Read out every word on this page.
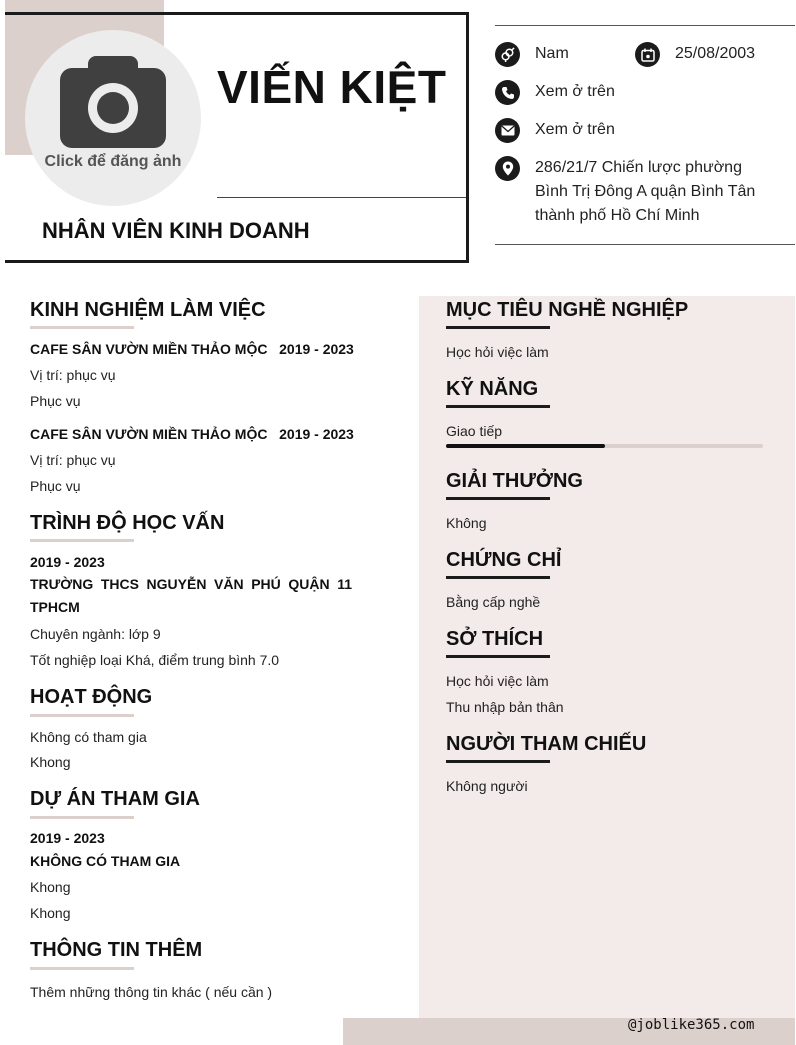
Click để đăng ảnh
VIẾN KIỆT
NHÂN VIÊN KINH DOANH
Nam	25/08/2003
Xem ở trên
Xem ở trên
286/21/7 Chiến lược phường
Bình Trị Đông A quận Bình Tân
thành phố Hồ Chí Minh
KINH NGHIỆM LÀM VIỆC
CAFE SÂN VƯỜN MIỀN THẢO MỘC   2019 - 2023
Vị trí: phục vụ
Phục vụ
CAFE SÂN VƯỜN MIỀN THẢO MỘC   2019 - 2023
Vị trí: phục vụ
Phục vụ
TRÌNH ĐỘ HỌC VẤN
2019 - 2023
TRƯỜNG THCS NGUYỄN VĂN PHÚ QUẬN 11 TPHCM
Chuyên ngành: lớp 9
Tốt nghiệp loại Khá, điểm trung bình 7.0
HOẠT ĐỘNG
Không có tham gia
Khong
DỰ ÁN THAM GIA
2019 - 2023
KHÔNG CÓ THAM GIA
Khong
Khong
THÔNG TIN THÊM
Thêm những thông tin khác ( nếu cần )
MỤC TIÊU NGHỀ NGHIỆP
Học hỏi việc làm
KỸ NĂNG
Giao tiếp
GIẢI THƯỞNG
Không
CHỨNG CHỈ
Bằng cấp nghề
SỞ THÍCH
Học hỏi việc làm
Thu nhập bản thân
NGƯỜI THAM CHIẾU
Không người
@joblike365.com
